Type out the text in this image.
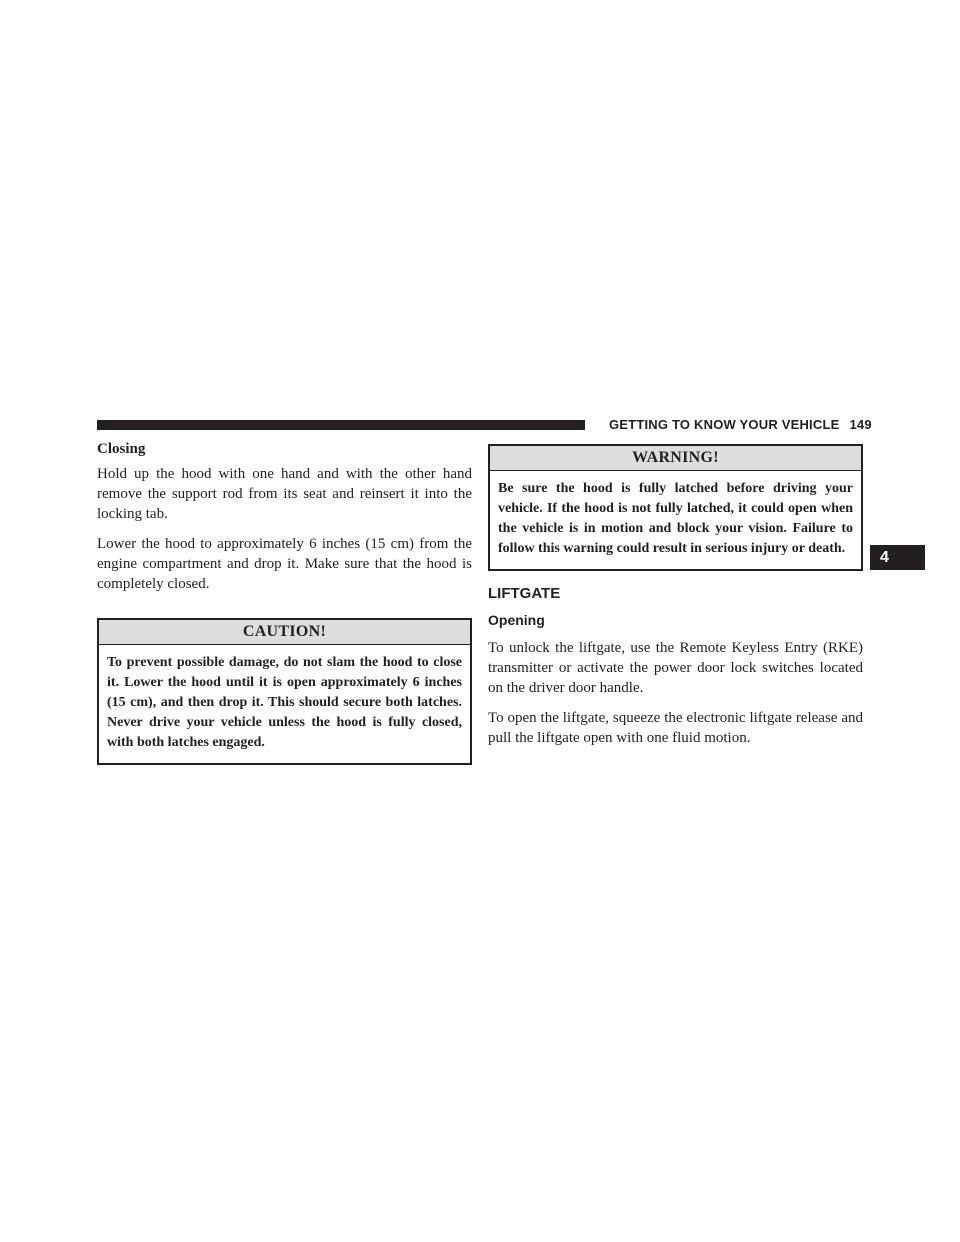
GETTING TO KNOW YOUR VEHICLE 149
4
Closing

Hold up the hood with one hand and with the other hand remove the support rod from its seat and reinsert it into the locking tab.

Lower the hood to approximately 6 inches (15 cm) from the engine compartment and drop it. Make sure that the hood is completely closed.

CAUTION!
To prevent possible damage, do not slam the hood to close it. Lower the hood until it is open approximately 6 inches (15 cm), and then drop it. This should secure both latches. Never drive your vehicle unless the hood is fully closed, with both latches engaged.
WARNING!
Be sure the hood is fully latched before driving your vehicle. If the hood is not fully latched, it could open when the vehicle is in motion and block your vision. Failure to follow this warning could result in serious injury or death.
LIFTGATE
Opening

To unlock the liftgate, use the Remote Keyless Entry (RKE) transmitter or activate the power door lock switches located on the driver door handle.

To open the liftgate, squeeze the electronic liftgate release and pull the liftgate open with one fluid motion.
